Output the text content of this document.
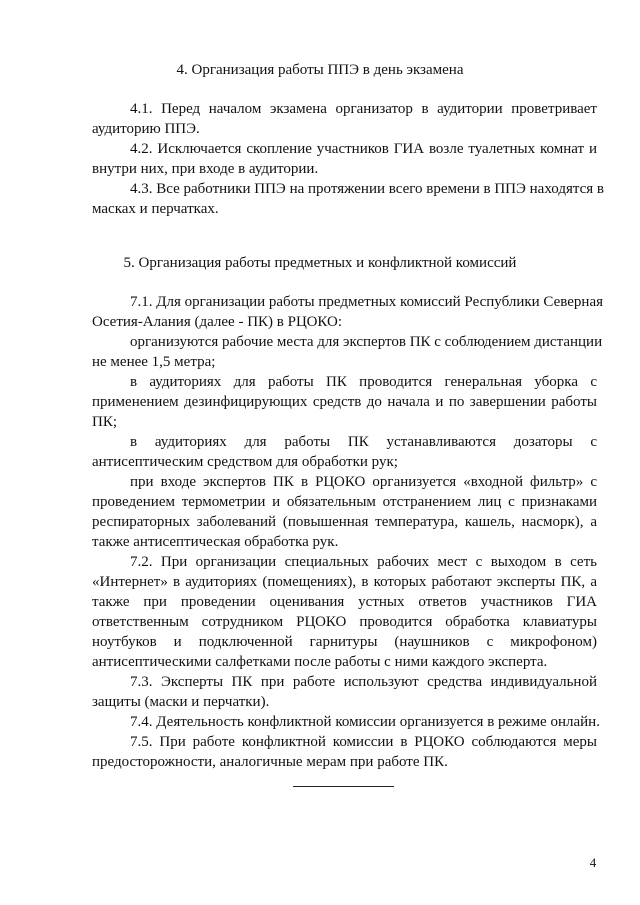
4. Организация работы ППЭ в день экзамена
4.1. Перед началом экзамена организатор в аудитории проветривает
аудиторию ППЭ.
4.2. Исключается скопление участников ГИА возле туалетных комнат и
внутри них, при входе в аудитории.
4.3. Все работники ППЭ на протяжении всего времени в ППЭ находятся в
масках и перчатках.
5. Организация работы предметных и конфликтной комиссий
7.1. Для организации работы предметных комиссий Республики Северная
Осетия-Алания (далее - ПК) в РЦОКО:
организуются рабочие места для экспертов ПК с соблюдением дистанции
не менее 1,5 метра;
в аудиториях для работы ПК проводится генеральная уборка с
применением дезинфицирующих средств до начала и по завершении работы
ПК;
в аудиториях для работы ПК устанавливаются дозаторы с
антисептическим средством для обработки рук;
при входе экспертов ПК в РЦОКО организуется «входной фильтр» с
проведением термометрии и обязательным отстранением лиц с признаками
респираторных заболеваний (повышенная температура, кашель, насморк), а
также антисептическая обработка рук.
7.2. При организации специальных рабочих мест с выходом в сеть
«Интернет» в аудиториях (помещениях), в которых работают эксперты ПК, а
также при проведении оценивания устных ответов участников ГИА
ответственным сотрудником РЦОКО проводится обработка клавиатуры
ноутбуков и подключенной гарнитуры (наушников с микрофоном)
антисептическими салфетками после работы с ними каждого эксперта.
7.3. Эксперты ПК при работе используют средства индивидуальной
защиты (маски и перчатки).
7.4. Деятельность конфликтной комиссии организуется в режиме онлайн.
7.5. При работе конфликтной комиссии в РЦОКО соблюдаются меры
предосторожности, аналогичные мерам при работе ПК.
4
